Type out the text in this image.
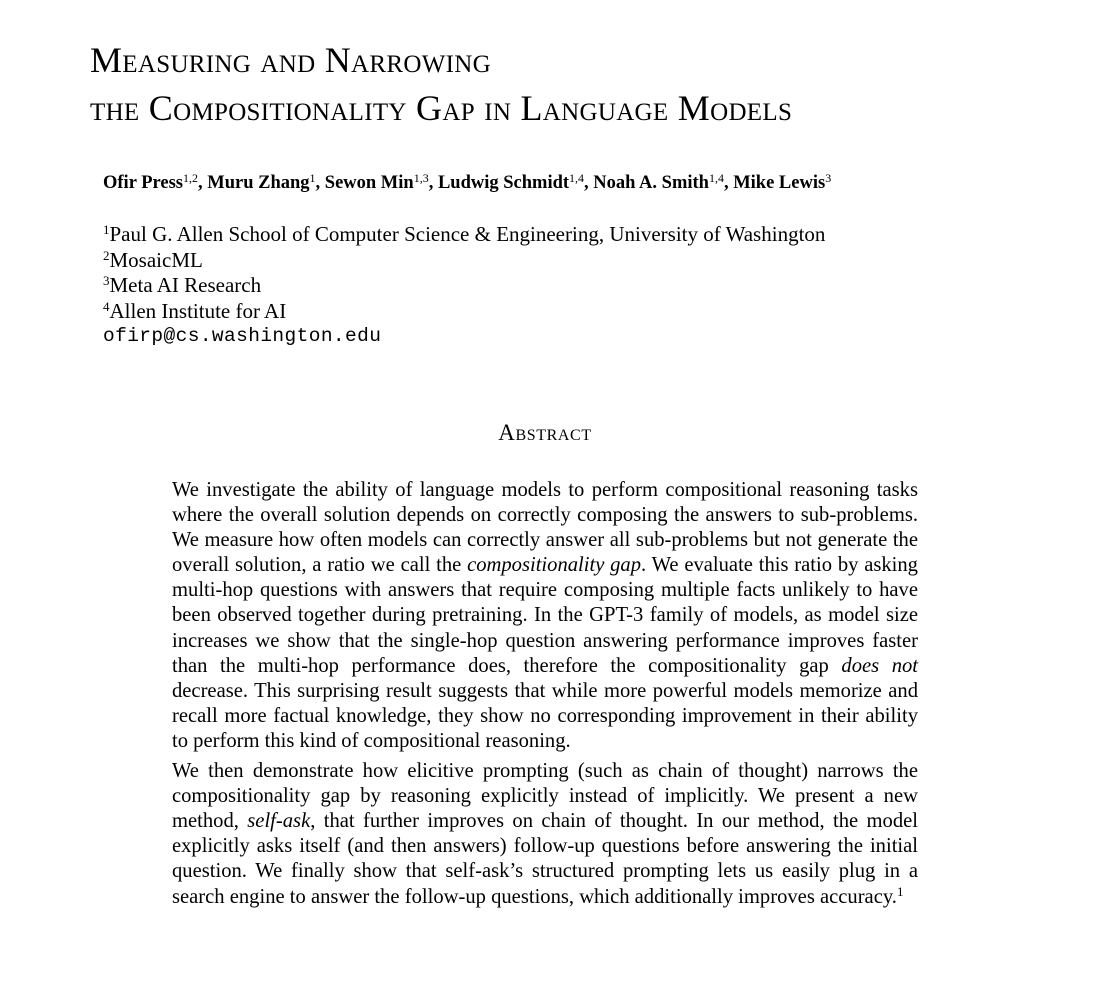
Measuring and Narrowing
the Compositionality Gap in Language Models
Ofir Press$^{1,2}$, Muru Zhang$^1$, Sewon Min$^{1,3}$, Ludwig Schmidt$^{1,4}$, Noah A. Smith$^{1,4}$, Mike Lewis$^3$
$^1$Paul G. Allen School of Computer Science & Engineering, University of Washington
$^2$MosaicML
$^3$Meta AI Research
$^4$Allen Institute for AI
ofirp@cs.washington.edu
Abstract

We investigate the ability of language models to perform compositional reasoning tasks where the overall solution depends on correctly composing the answers to sub-problems. We measure how often models can correctly answer all sub-problems but not generate the overall solution, a ratio we call the compositionality gap. We evaluate this ratio by asking multi-hop questions with answers that require composing multiple facts unlikely to have been observed together during pretraining. In the GPT-3 family of models, as model size increases we show that the single-hop question answering performance improves faster than the multi-hop performance does, therefore the compositionality gap does not decrease. This surprising result suggests that while more powerful models memorize and recall more factual knowledge, they show no corresponding improvement in their ability to perform this kind of compositional reasoning.

We then demonstrate how elicitive prompting (such as chain of thought) narrows the compositionality gap by reasoning explicitly instead of implicitly. We present a new method, self-ask, that further improves on chain of thought. In our method, the model explicitly asks itself (and then answers) follow-up questions before answering the initial question. We finally show that self-ask’s structured prompting lets us easily plug in a search engine to answer the follow-up questions, which additionally improves accuracy.$^1$
